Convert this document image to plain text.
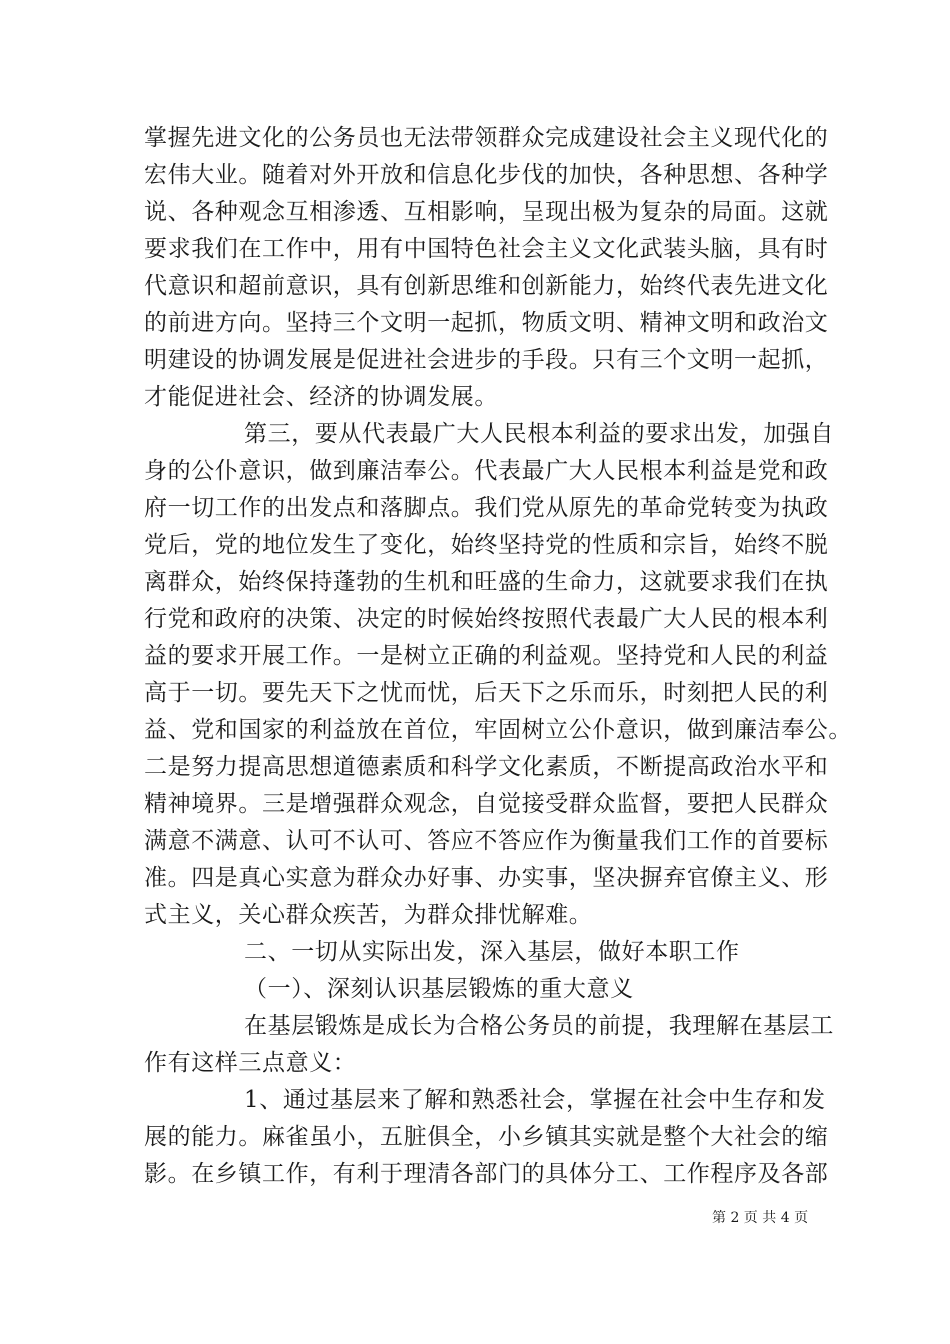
掌握先进文化的公务员也无法带领群众完成建设社会主义现代化的
宏伟大业。随着对外开放和信息化步伐的加快，各种思想、各种学
说、各种观念互相渗透、互相影响，呈现出极为复杂的局面。这就
要求我们在工作中，用有中国特色社会主义文化武装头脑，具有时
代意识和超前意识，具有创新思维和创新能力，始终代表先进文化
的前进方向。坚持三个文明一起抓，物质文明、精神文明和政治文
明建设的协调发展是促进社会进步的手段。只有三个文明一起抓，
才能促进社会、经济的协调发展。
第三，要从代表最广大人民根本利益的要求出发，加强自
身的公仆意识，做到廉洁奉公。代表最广大人民根本利益是党和政
府一切工作的出发点和落脚点。我们党从原先的革命党转变为执政
党后，党的地位发生了变化，始终坚持党的性质和宗旨，始终不脱
离群众，始终保持蓬勃的生机和旺盛的生命力，这就要求我们在执
行党和政府的决策、决定的时候始终按照代表最广大人民的根本利
益的要求开展工作。一是树立正确的利益观。坚持党和人民的利益
高于一切。要先天下之忧而忧，后天下之乐而乐，时刻把人民的利
益、党和国家的利益放在首位，牢固树立公仆意识，做到廉洁奉公。
二是努力提高思想道德素质和科学文化素质，不断提高政治水平和
精神境界。三是增强群众观念，自觉接受群众监督，要把人民群众
满意不满意、认可不认可、答应不答应作为衡量我们工作的首要标
准。四是真心实意为群众办好事、办实事，坚决摒弃官僚主义、形
式主义，关心群众疾苦，为群众排忧解难。
二、一切从实际出发，深入基层，做好本职工作
（一）、深刻认识基层锻炼的重大意义
在基层锻炼是成长为合格公务员的前提，我理解在基层工
作有这样三点意义：
1、通过基层来了解和熟悉社会，掌握在社会中生存和发
展的能力。麻雀虽小，五脏俱全，小乡镇其实就是整个大社会的缩
影。在乡镇工作，有利于理清各部门的具体分工、工作程序及各部
第 2 页 共 4 页
